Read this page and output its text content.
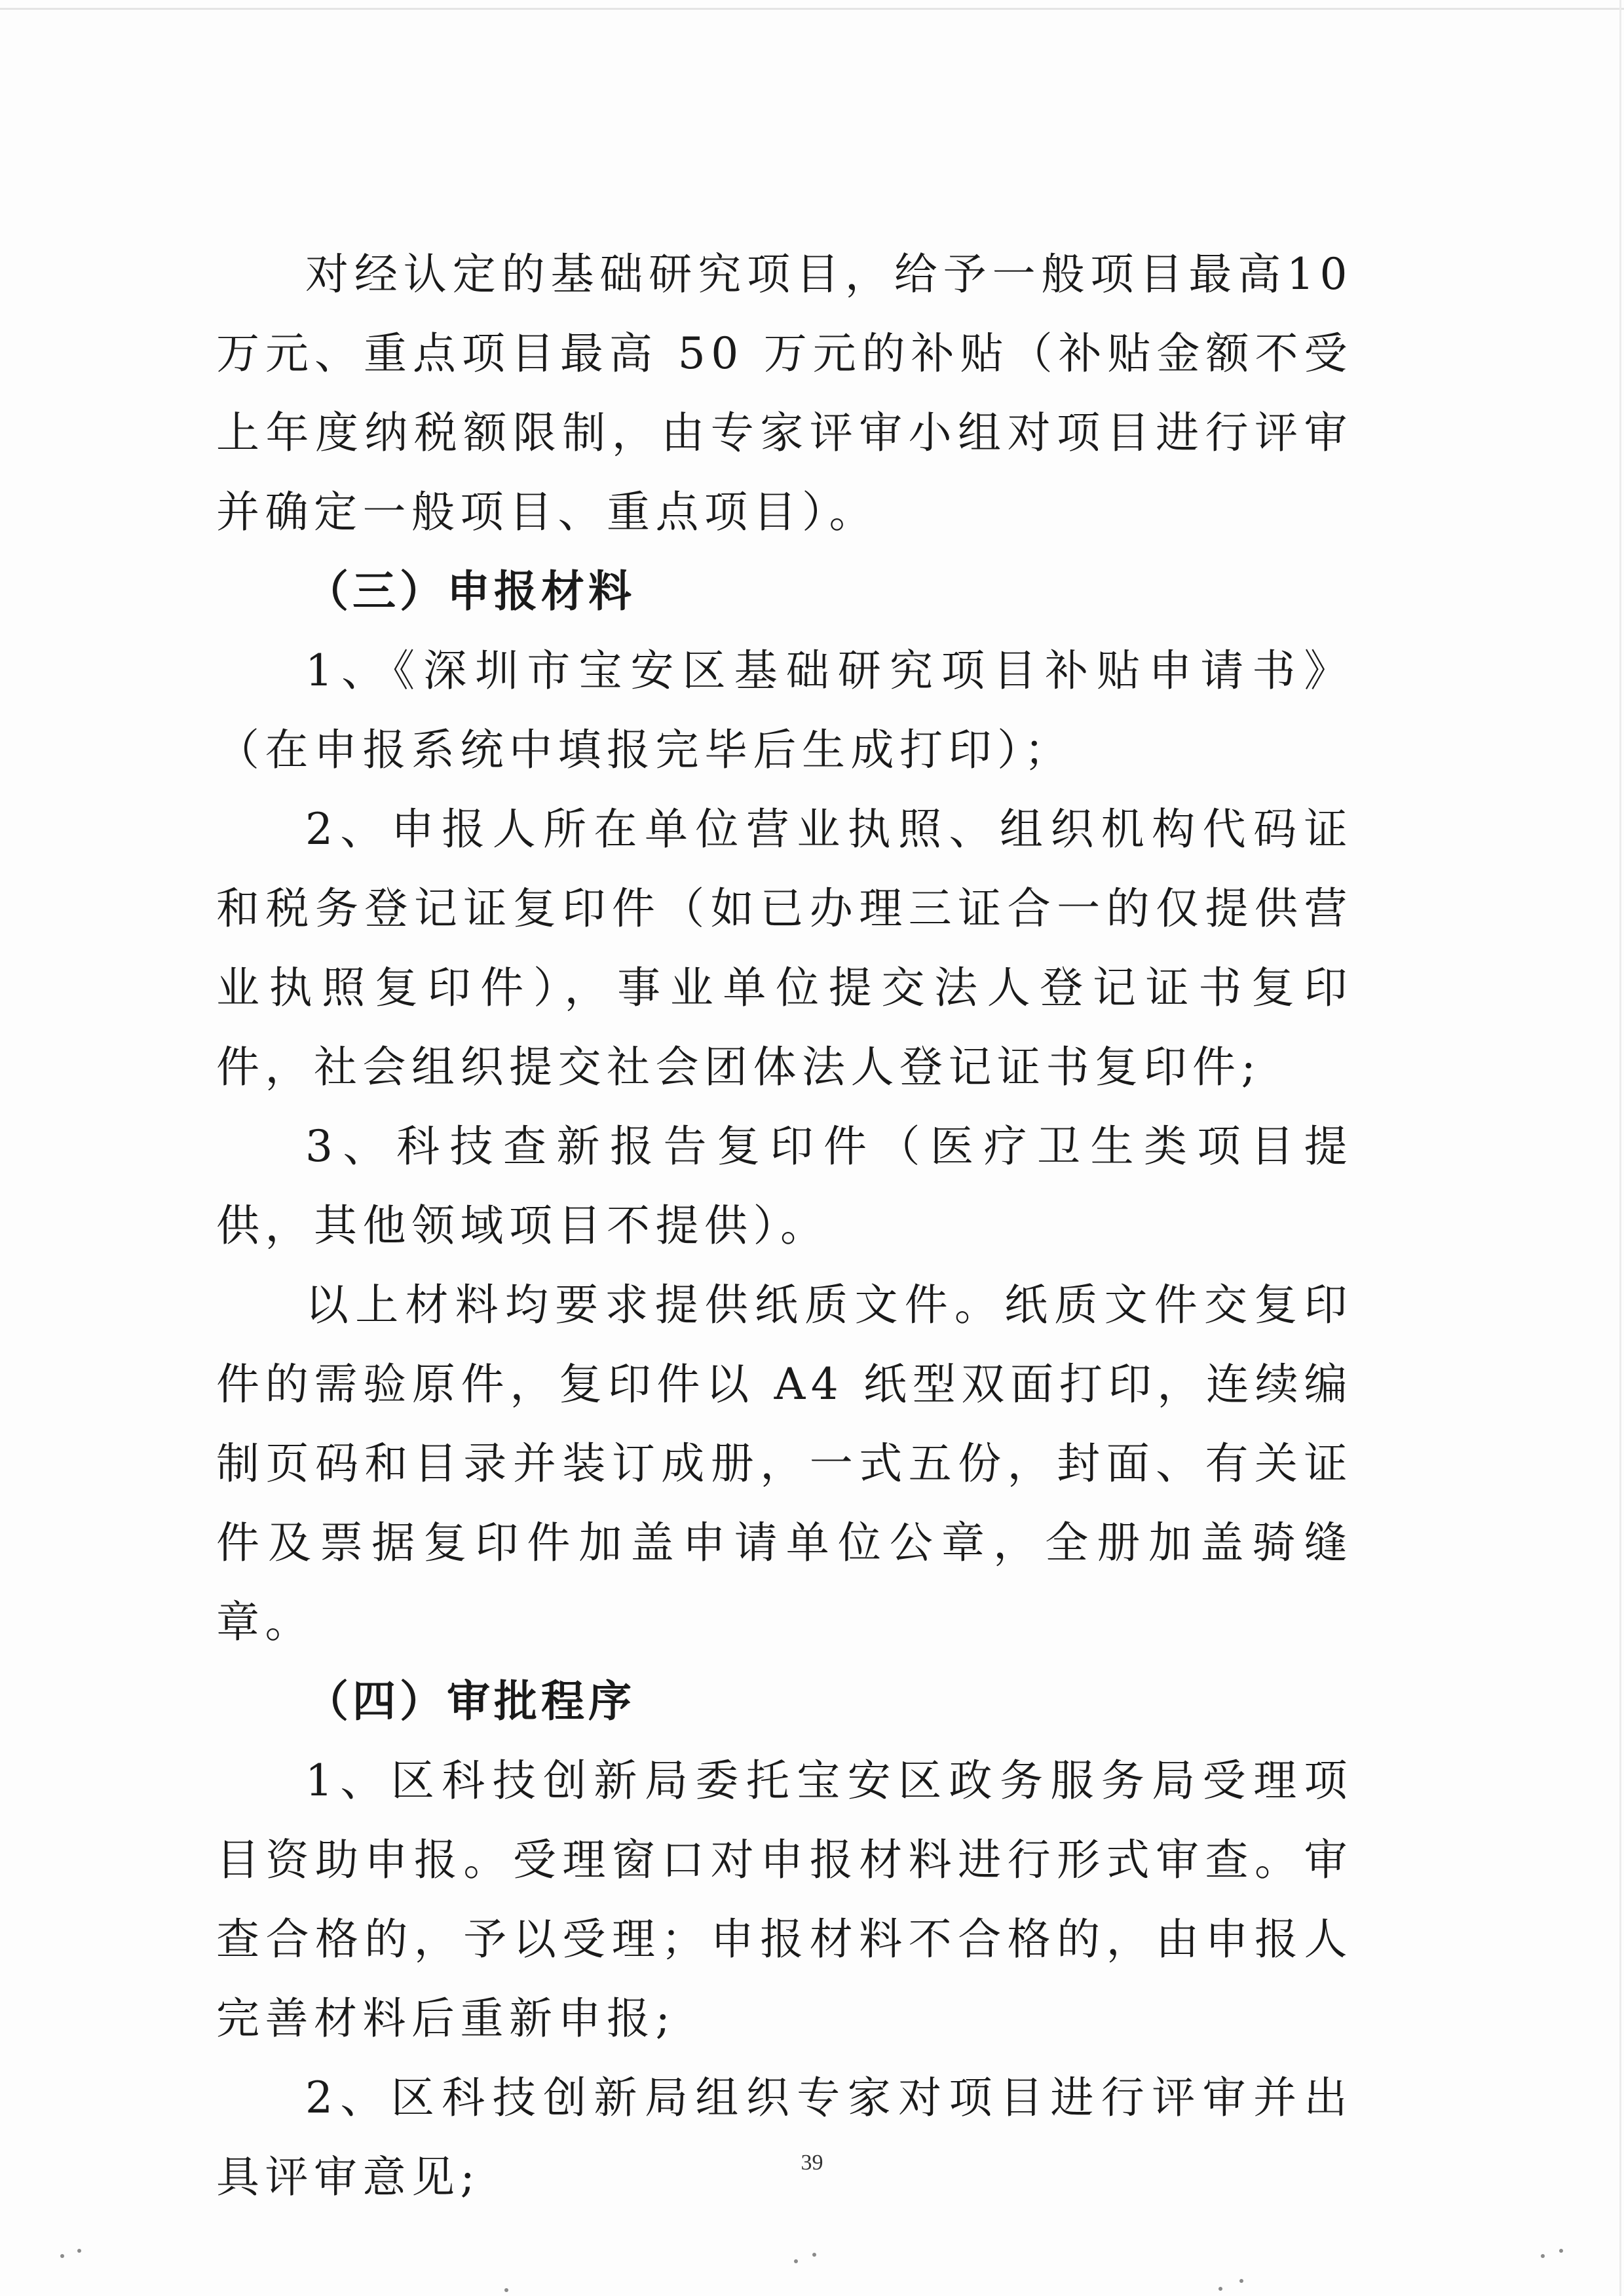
对经认定的基础研究项目，给予一般项目最高10万元、重点项目最高 50 万元的补贴（补贴金额不受上年度纳税额限制，由专家评审小组对项目进行评审并确定一般项目、重点项目）。

（三）申报材料

1、《深圳市宝安区基础研究项目补贴申请书》（在申报系统中填报完毕后生成打印）；

2、申报人所在单位营业执照、组织机构代码证和税务登记证复印件（如已办理三证合一的仅提供营业执照复印件），事业单位提交法人登记证书复印件，社会组织提交社会团体法人登记证书复印件;

3、科技查新报告复印件（医疗卫生类项目提供，其他领域项目不提供）。

以上材料均要求提供纸质文件。纸质文件交复印件的需验原件，复印件以 A4 纸型双面打印，连续编制页码和目录并装订成册，一式五份，封面、有关证件及票据复印件加盖申请单位公章，全册加盖骑缝章。

（四）审批程序

1、区科技创新局委托宝安区政务服务局受理项目资助申报。受理窗口对申报材料进行形式审查。审查合格的，予以受理；申报材料不合格的，由申报人完善材料后重新申报;

2、区科技创新局组织专家对项目进行评审并出具评审意见;	39
